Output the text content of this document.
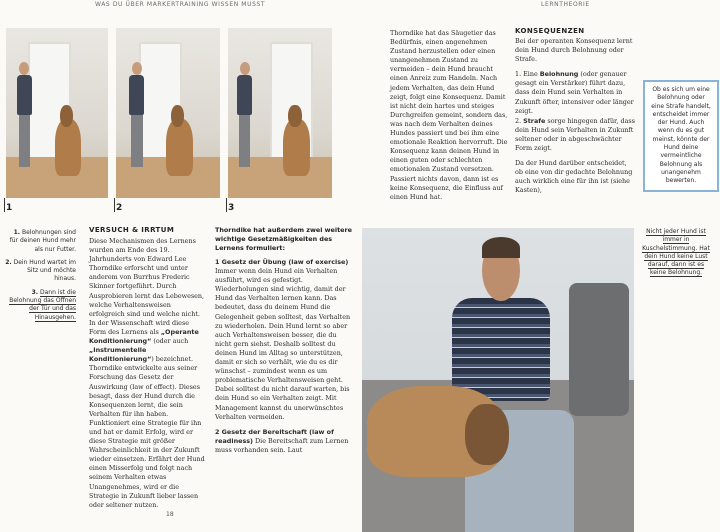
WAS DU ÜBER MARKERTRAINING WISSEN MUSST	LERNTHEORIE
1	2	3
1. Belohnungen sind für deinen Hund mehr als nur Futter.
2. Dein Hund wartet im Sitz und möchte hinaus.
3. Dann ist die Belohnung das Öffnen der Tür und das Hinausgehen.
VERSUCH & IRRTUM

Diese Mechanismen des Lernens wurden am Ende des 19. Jahrhunderts von Edward Lee Thorndike erforscht und unter anderem von Burrhus Frederic Skinner fortgeführt. Durch Ausprobieren lernt das Lebewesen, welche Verhaltensweisen erfolgreich sind und welche nicht. In der Wissenschaft wird diese Form des Lernens als „Operante Konditionierung“ (oder auch „Instrumentelle Konditionierung“) bezeichnet.

Thorndike entwickelte aus seiner Forschung das Gesetz der Auswirkung (law of effect). Dieses besagt, dass der Hund durch die Konsequenzen lernt, die sein Verhalten für ihn haben. Funktioniert eine Strategie für ihn und hat er damit Erfolg, wird er diese Strategie mit größer Wahrscheinlichkeit in der Zukunft wieder einsetzen. Erfährt der Hund einen Misserfolg und folgt nach seinem Verhalten etwas Unangenehmes, wird er die Strategie in Zukunft lieber lassen oder seltener nutzen.

Thorndike hat das Säugetier das Bedürfnis, einen angenehmen Zustand herzustellen oder einen unangenehmen Zustand zu vermeiden – dein Hund braucht einen Anreiz zum Handeln. Nach jedem Verhalten, das dein Hund zeigt, folgt eine Konsequenz. Damit ist nicht dein hartes und steiges Durchgreifen gemeint, sondern das, was nach dem Verhalten deines Hundes passiert und bei ihm eine emotionale Reaktion hervorruft. Die Konsequenz kann deinen Hund in einen guten oder schlechten emotionalen Zustand versetzen. Passiert nichts davon, dann ist es keine Konsequenz, die Einfluss auf einen Hund hat.
KONSEQUENZEN

Bei der operanten Konsequenz lernt dein Hund durch Belohnung oder Strafe.

1. Eine Belohnung (oder genauer gesagt ein Verstärker) führt dazu, dass dein Hund sein Verhalten in Zukunft öfter, intensiver oder länger zeigt.
2. Strafe sorge hingegen dafür, dass dein Hund sein Verhalten in Zukunft seltener oder in abgeschwächter Form zeigt.

Da der Hund darüber entscheidet, ob eine von dir gedachte Belohnung auch wirklich eine für ihn ist (siehe Kasten),

Ob es sich um eine Belohnung oder eine Strafe handelt, entscheidet immer der Hund. Auch wenn du es gut meinst, könnte der Hund deine vermeintliche Belohnung als unangenehm bewerten.
Thorndike hat außerdem zwei weitere wichtige Gesetzmäßigkeiten des Lernens formuliert:
1 Gesetz der Übung (law of exercise) Immer wenn dein Hund ein Verhalten ausführt, wird es gefestigt. Wiederholungen sind wichtig, damit der Hund das Verhalten lernen kann. Das bedeutet, dass du deinem Hund die Gelegenheit geben solltest, das Verhalten zu wiederholen. Dein Hund lernt so aber auch Verhaltensweisen besser, die du nicht gern siehst. Deshalb solltest du deinen Hund im Alltag so unterstützen, damit er sich so verhält, wie du es dir wünschst – zumindest wenn es um problematische Verhaltensweisen geht. Dabei solltest du nicht darauf warten, bis dein Hund so ein Verhalten zeigt. Mit Management kannst du unerwünschtes Verhalten vermeiden.
2 Gesetz der Bereitschaft (law of readiness) Die Bereitschaft zum Lernen muss vorhanden sein. Laut
Nicht jeder Hund ist immer in Kuschelstimmung. Hat dein Hund keine Lust darauf, dann ist es keine Belohnung.
18
